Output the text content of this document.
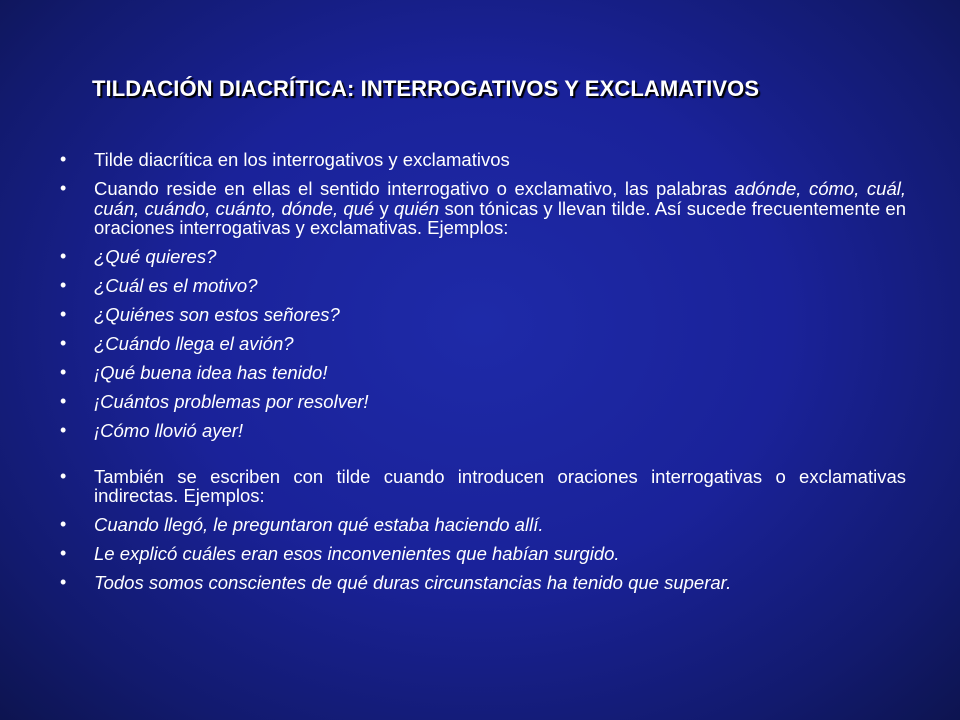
TILDACIÓN DIACRÍTICA: INTERROGATIVOS Y EXCLAMATIVOS
• Tilde diacrítica en los interrogativos y exclamativos
• Cuando reside en ellas el sentido interrogativo o exclamativo, las palabras adónde, cómo, cuál, cuán, cuándo, cuánto, dónde, qué y quién son tónicas y llevan tilde. Así sucede frecuentemente en oraciones interrogativas y exclamativas. Ejemplos:
• ¿Qué quieres?
• ¿Cuál es el motivo?
• ¿Quiénes son estos señores?
• ¿Cuándo llega el avión?
• ¡Qué buena idea has tenido!
• ¡Cuántos problemas por resolver!
• ¡Cómo llovió ayer!
• También se escriben con tilde cuando introducen oraciones interrogativas o exclamativas indirectas. Ejemplos:
• Cuando llegó, le preguntaron qué estaba haciendo allí.
• Le explicó cuáles eran esos inconvenientes que habían surgido.
• Todos somos conscientes de qué duras circunstancias ha tenido que superar.
